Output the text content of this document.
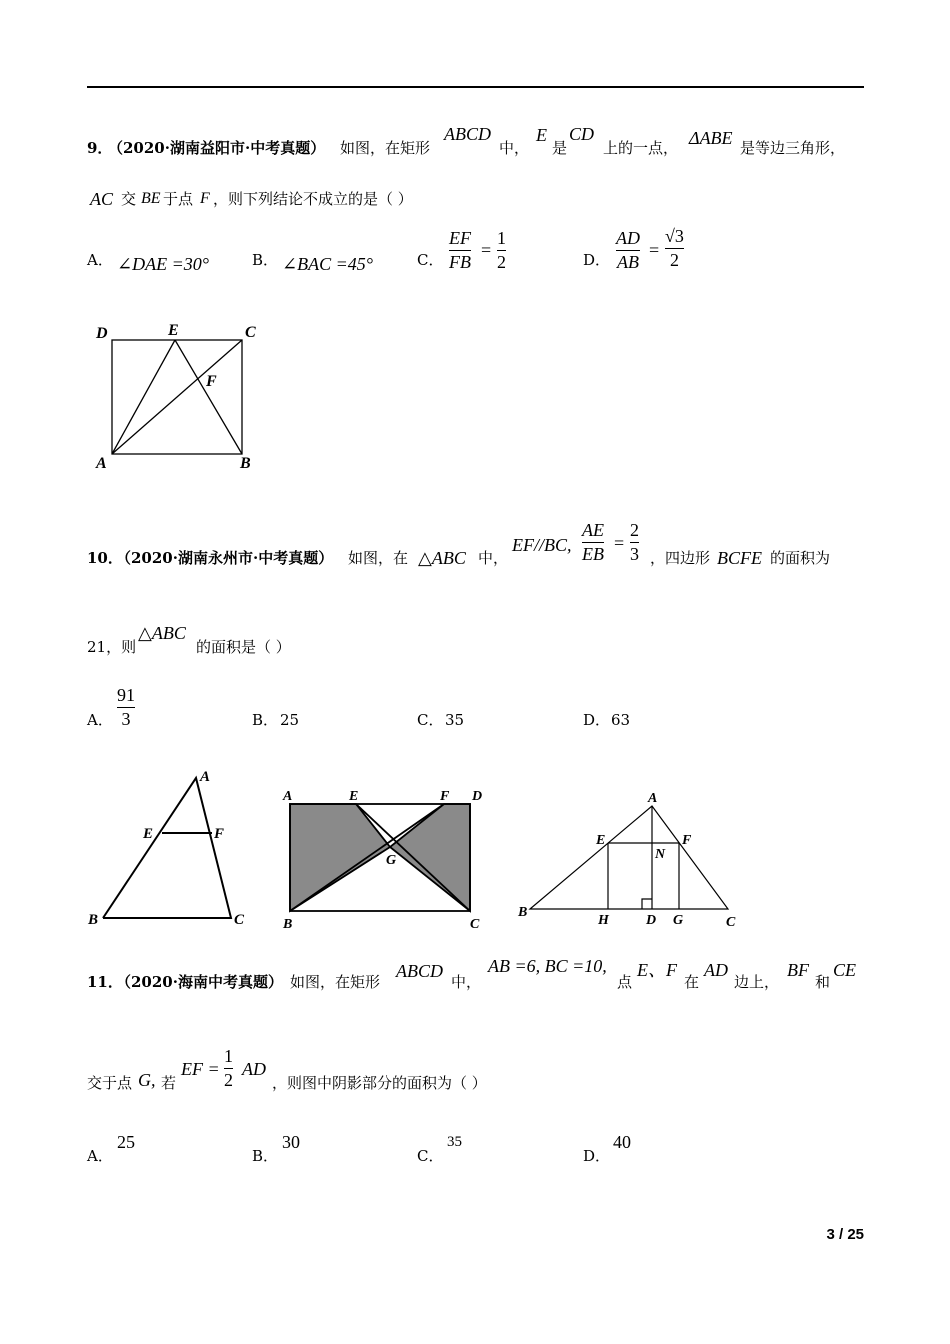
9．
（2020·湖南益阳市·中考真题） 如图，在矩形
ABCD
中，
E
是
CD
上的一点， ΔABE 是等边三角形，
AC 交 BE 于点 F ，则下列结论不成立的是（ ）
A． ∠DAE =30°	B． ∠BAC =45°	C．
EF
FB
=
1
2	D．
AD
AB
=
√3
2
D	E	C
F
A	B
10．
（2020·湖南永州市·中考真题） 如图，在 △ABC 中，
EF//BC,
AE
EB
=
2
3 ，四边形 BCFE 的面积为
21，则
△ABC
的面积是（ ）
A．
91
3	B． 25	C． 35	D． 63
A
E	F
B	C
A	E	F D
G
B	C
A
E	F
N
B
H	D G	C
11．
（2020·海南中考真题） 如图，在矩形
ABCD
中，
AB =6, BC =10,
点
E、F
在
AD
边上，
BF
和
CE
交于点 G, 若
EF =
1
2
AD
，则图中阴影部分的面积为（ ）
A．
25
B．
30
C．
35
D．
40
3 / 25
